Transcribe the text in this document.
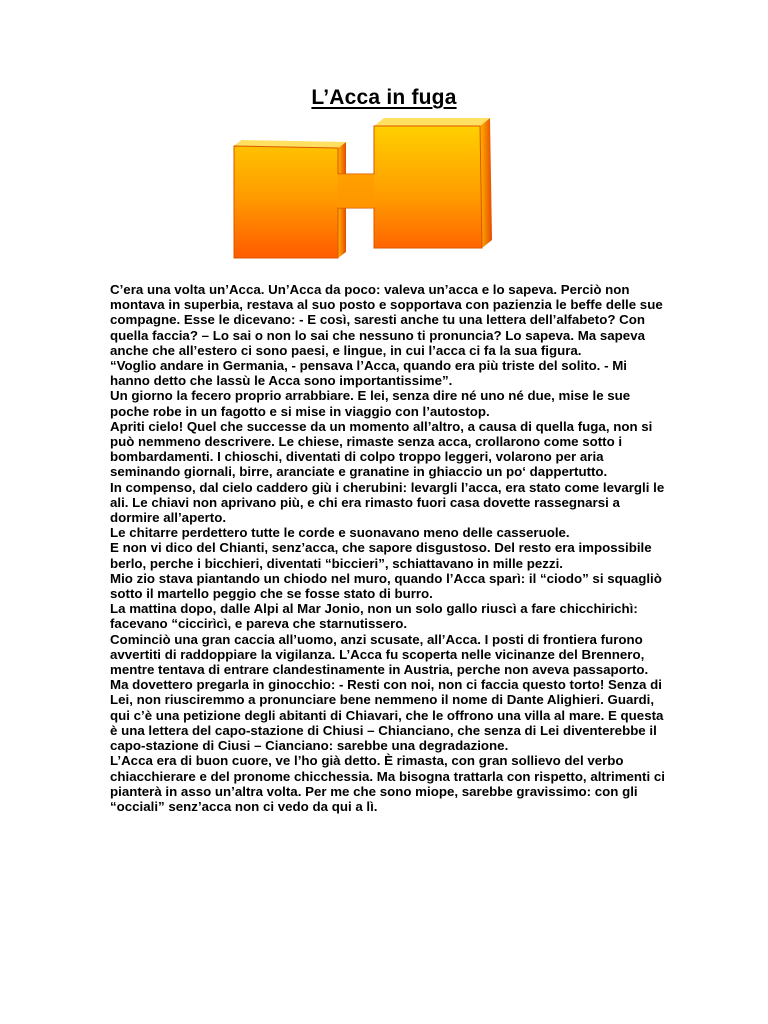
L’Acca in fuga

C’era una volta un’Acca. Un’Acca da poco: valeva un’acca e lo sapeva. Perciò non montava in superbia, restava al suo posto e sopportava con pazienzia le beffe delle sue compagne. Esse le dicevano: - E così, saresti anche tu una lettera dell’alfabeto? Con quella faccia? – Lo sai o non lo sai che nessuno ti pronuncia? Lo sapeva. Ma sapeva anche che all’estero ci sono paesi, e lingue, in cui l’acca ci fa la sua figura.

“Voglio andare in Germania, - pensava l’Acca, quando era più triste del solito. - Mi hanno detto che lassù le Acca sono importantissime”.

Un giorno la fecero proprio arrabbiare. E lei, senza dire né uno né due, mise le sue poche robe in un fagotto e si mise in viaggio con l’autostop.

Apriti cielo! Quel che successe da un momento all’altro, a causa di quella fuga, non si può nemmeno descrivere. Le chiese, rimaste senza acca, crollarono come sotto i bombardamenti. I chioschi, diventati di colpo troppo leggeri, volarono per aria seminando giornali, birre, aranciate e granatine in ghiaccio un po‘ dappertutto.

In compenso, dal cielo caddero giù i cherubini: levargli l’acca, era stato come levargli le ali. Le chiavi non aprivano più, e chi era rimasto fuori casa dovette rassegnarsi a dormire all’aperto.

Le chitarre perdettero tutte le corde e suonavano meno delle casseruole.

E non vi dico del Chianti, senz’acca, che sapore disgustoso. Del resto era impossibile berlo, perche i bicchieri, diventati “biccieri”, schiattavano in mille pezzi.

Mio zio stava piantando un chiodo nel muro, quando l’Acca sparì: il “ciodo” si squagliò sotto il martello peggio che se fosse stato di burro.

La mattina dopo, dalle Alpi al Mar Jonio, non un solo gallo riuscì a fare chicchirichì: facevano “ciccirìcì, e pareva che starnutissero.

Cominciò una gran caccia all’uomo, anzi scusate, all’Acca. I posti di frontiera furono avvertiti di raddoppiare la vigilanza. L’Acca fu scoperta nelle vicinanze del Brennero, mentre tentava di entrare clandestinamente in Austria, perche non aveva passaporto. Ma dovettero pregarla in ginocchio: - Resti con noi, non ci faccia questo torto! Senza di Lei, non riusciremmo a pronunciare bene nemmeno il nome di Dante Alighieri. Guardi, qui c’è una petizione degli abitanti di Chiavari, che le offrono una villa al mare. E questa è una lettera del capo-stazione di Chiusi – Chianciano, che senza di Lei diventerebbe il capo-stazione di Ciusi – Cianciano: sarebbe una degradazione.

L’Acca era di buon cuore, ve l’ho già detto. È rimasta, con gran sollievo del verbo chiacchierare e del pronome chicchessia. Ma bisogna trattarla con rispetto, altrimenti ci pianterà in asso un’altra volta. Per me che sono miope, sarebbe gravissimo: con gli “occiali” senz’acca non ci vedo da qui a lì.
